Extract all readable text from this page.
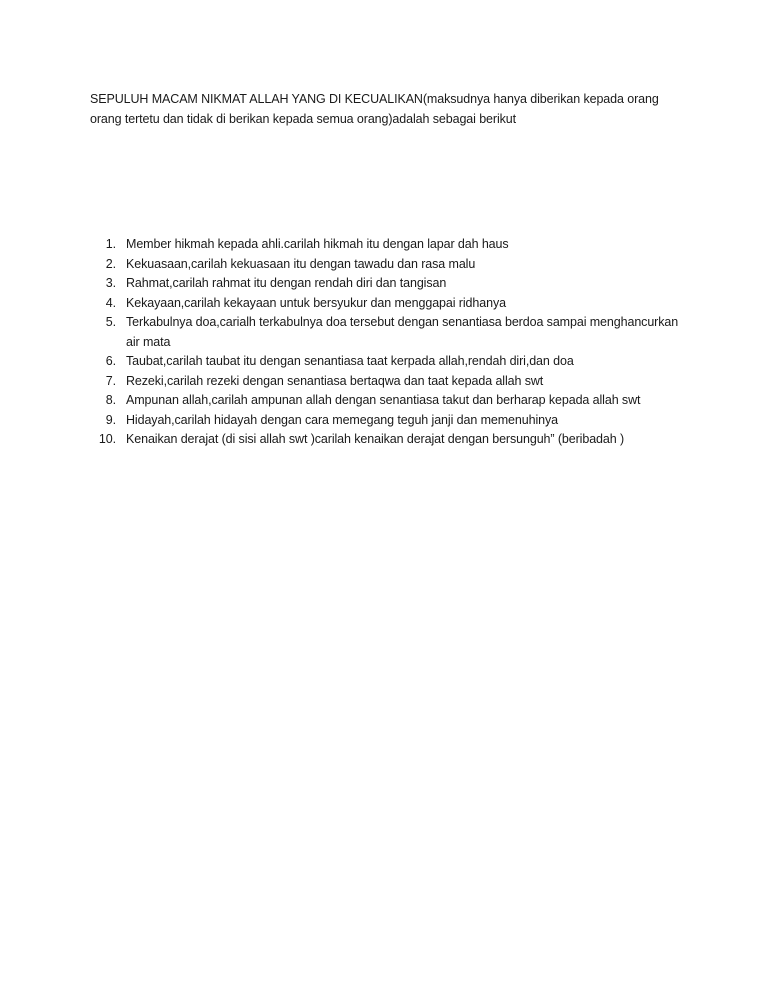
SEPULUH MACAM NIKMAT ALLAH YANG DI KECUALIKAN(maksudnya hanya diberikan kepada orang orang tertetu dan tidak di berikan kepada semua orang)adalah sebagai berikut

1. Member hikmah kepada ahli.carilah hikmah itu dengan lapar dah haus
2. Kekuasaan,carilah kekuasaan itu dengan tawadu dan rasa malu
3. Rahmat,carilah rahmat itu dengan rendah diri dan tangisan
4. Kekayaan,carilah kekayaan untuk bersyukur dan menggapai ridhanya
5. Terkabulnya doa,carialh terkabulnya doa tersebut dengan senantiasa berdoa sampai menghancurkan air mata
6. Taubat,carilah taubat itu dengan senantiasa taat kerpada allah,rendah diri,dan doa
7. Rezeki,carilah rezeki dengan senantiasa bertaqwa dan taat kepada allah swt
8. Ampunan allah,carilah ampunan allah dengan senantiasa takut dan berharap kepada allah swt
9. Hidayah,carilah hidayah dengan cara memegang teguh janji dan memenuhinya
10. Kenaikan derajat (di sisi allah swt )carilah kenaikan derajat dengan bersunguh” (beribadah )
